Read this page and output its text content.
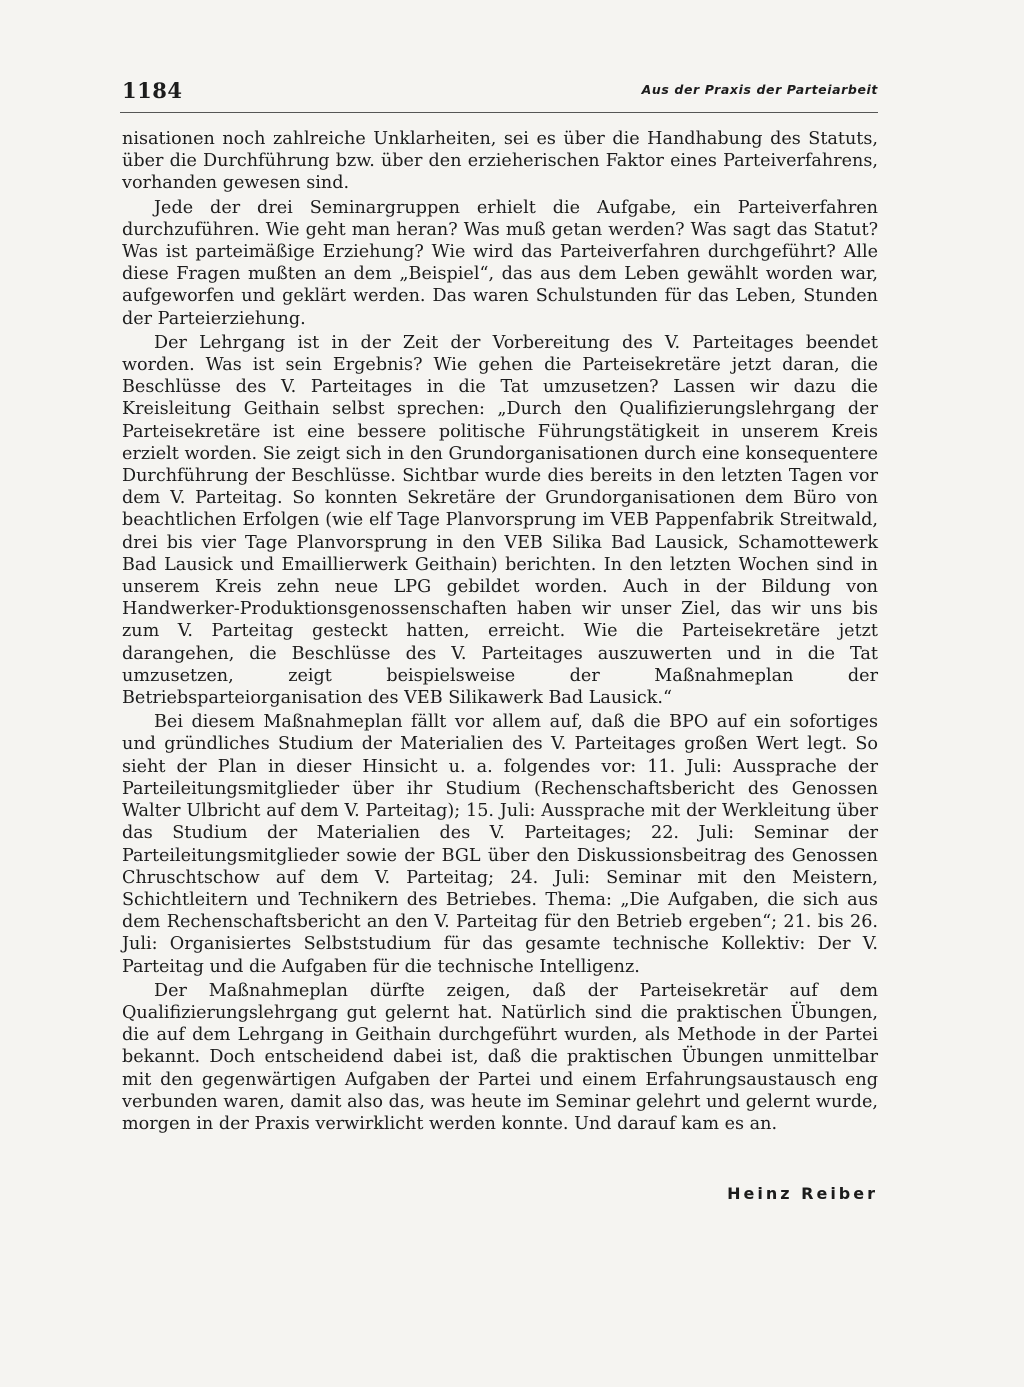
1184	Aus der Praxis der Parteiarbeit

nisationen noch zahlreiche Unklarheiten, sei es über die Handhabung des Statuts, über die Durchführung bzw. über den erzieherischen Faktor eines Parteiverfahrens, vorhanden gewesen sind.

Jede der drei Seminargruppen erhielt die Aufgabe, ein Parteiverfahren durchzuführen. Wie geht man heran? Was muß getan werden? Was sagt das Statut? Was ist parteimäßige Erziehung? Wie wird das Parteiverfahren durchgeführt? Alle diese Fragen mußten an dem „Beispiel“, das aus dem Leben gewählt worden war, aufgeworfen und geklärt werden. Das waren Schulstunden für das Leben, Stunden der Parteierziehung.

Der Lehrgang ist in der Zeit der Vorbereitung des V. Parteitages beendet worden. Was ist sein Ergebnis? Wie gehen die Parteisekretäre jetzt daran, die Beschlüsse des V. Parteitages in die Tat umzusetzen? Lassen wir dazu die Kreisleitung Geithain selbst sprechen: „Durch den Qualifizierungslehrgang der Parteisekretäre ist eine bessere politische Führungstätigkeit in unserem Kreis erzielt worden. Sie zeigt sich in den Grundorganisationen durch eine konsequentere Durchführung der Beschlüsse. Sichtbar wurde dies bereits in den letzten Tagen vor dem V. Parteitag. So konnten Sekretäre der Grundorganisationen dem Büro von beachtlichen Erfolgen (wie elf Tage Planvorsprung im VEB Pappenfabrik Streitwald, drei bis vier Tage Planvorsprung in den VEB Silika Bad Lausick, Schamottewerk Bad Lausick und Emaillierwerk Geithain) berichten. In den letzten Wochen sind in unserem Kreis zehn neue LPG gebildet worden. Auch in der Bildung von Handwerker-Produktionsgenossenschaften haben wir unser Ziel, das wir uns bis zum V. Parteitag gesteckt hatten, erreicht. Wie die Parteisekretäre jetzt darangehen, die Beschlüsse des V. Parteitages auszuwerten und in die Tat umzusetzen, zeigt beispielsweise der Maßnahmeplan der Betriebsparteiorganisation des VEB Silikawerk Bad Lausick.“

Bei diesem Maßnahmeplan fällt vor allem auf, daß die BPO auf ein sofortiges und gründliches Studium der Materialien des V. Parteitages großen Wert legt. So sieht der Plan in dieser Hinsicht u. a. folgendes vor: 11. Juli: Aussprache der Parteileitungsmitglieder über ihr Studium (Rechenschaftsbericht des Genossen Walter Ulbricht auf dem V. Parteitag); 15. Juli: Aussprache mit der Werkleitung über das Studium der Materialien des V. Parteitages; 22. Juli: Seminar der Parteileitungsmitglieder sowie der BGL über den Diskussionsbeitrag des Genossen Chruschtschow auf dem V. Parteitag; 24. Juli: Seminar mit den Meistern, Schichtleitern und Technikern des Betriebes. Thema: „Die Aufgaben, die sich aus dem Rechenschaftsbericht an den V. Parteitag für den Betrieb ergeben“; 21. bis 26. Juli: Organisiertes Selbststudium für das gesamte technische Kollektiv: Der V. Parteitag und die Aufgaben für die technische Intelligenz.

Der Maßnahmeplan dürfte zeigen, daß der Parteisekretär auf dem Qualifizierungslehrgang gut gelernt hat. Natürlich sind die praktischen Übungen, die auf dem Lehrgang in Geithain durchgeführt wurden, als Methode in der Partei bekannt. Doch entscheidend dabei ist, daß die praktischen Übungen unmittelbar mit den gegenwärtigen Aufgaben der Partei und einem Erfahrungsaustausch eng verbunden waren, damit also das, was heute im Seminar gelehrt und gelernt wurde, morgen in der Praxis verwirklicht werden konnte. Und darauf kam es an.

Heinz Reiber
